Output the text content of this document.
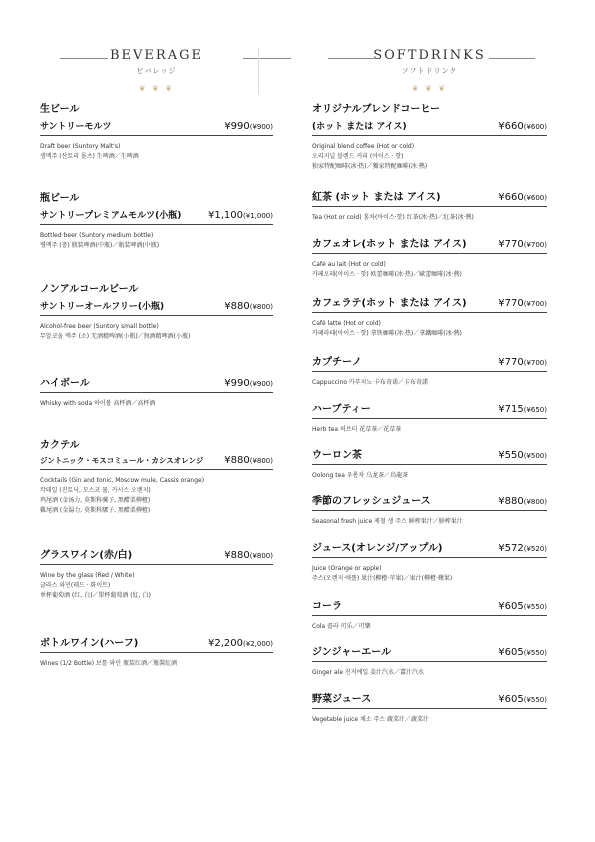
BEVERAGE
ビバレッジ
❦ ❦ ❦
生ビール
サントリーモルツ	¥990(¥900)
Draft beer (Suntory Malt's)
생맥주 (산토리 몰츠) 生啤酒／生啤酒
瓶ビール
サントリープレミアムモルツ(小瓶)	¥1,100(¥1,000)
Bottled beer (Suntory medium bottle)
병맥주 (중) 瓶装啤酒(中瓶)／瓶装啤酒(中瓶)
ノンアルコールビール
サントリーオールフリー(小瓶)	¥880(¥800)
Alcohol-free beer (Suntory small bottle)
무알코올 맥주 (소) 无酒精啤酒(小瓶)／無酒精啤酒(小瓶)
ハイボール	¥990(¥900)
Whisky with soda 하이볼 高杯酒／高杯酒
カクテル
ジントニック・モスコミュール・カシスオレンジ ¥880(¥800)
Cocktails (Gin and tonic, Moscow mule, Cassis orange)
칵테일 (진토닉, 모스코 뮬, 카시스 오렌지)
鸡尾酒 (金汤力, 莫斯科骡子, 黑醋栗柳橙)
雞尾酒 (金湯力, 莫斯科騾子, 黑醋栗柳橙)
グラスワイン(赤/白)	¥880(¥800)
Wine by the glass (Red / White)
글라스 와인(레드 · 화이트)
单杯葡萄酒 (红, 白)／單杯葡萄酒 (紅, 白)
ボトルワイン(ハーフ)	¥2,200(¥2,000)
Wines (1/2 Bottle) 보틀 와인 瓶装红酒／瓶裝紅酒
SOFTDRINKS
ソフトドリンク
❦ ❦ ❦
オリジナルブレンドコーヒー
(ホット または アイス)	¥660(¥600)
Original blend coffee (Hot or cold)
오리지널 블렌드 커피 (아이스 · 핫)
独家特配咖啡(冰·热)／獨家特配咖啡(冰·熱)
紅茶 (ホット または アイス)	¥660(¥600)
Tea (Hot or cold) 홍차(아이스·핫) 红茶(冰·热)／紅茶(冰·熱)
カフェオレ(ホット または アイス)	¥770(¥700)
Café au lait (Hot or cold)
카페오레(아이스 · 핫) 欧蕾咖啡(冰·热)／歐蕾咖啡(冰·熱)
カフェラテ(ホット または アイス)	¥770(¥700)
Café latte (Hot or cold)
카페라테(아이스 · 핫) 拿铁咖啡(冰·热)／拿鐵咖啡(冰·熱)
カプチーノ	¥770(¥700)
Cappuccino 카푸치노 卡布奇诺／卡布奇諾
ハーブティー	¥715(¥650)
Herb tea 허브티 花草茶／花草茶
ウーロン茶	¥550(¥500)
Oolong tea 우롱차 乌龙茶／烏龍茶
季節のフレッシュジュース	¥880(¥800)
Seasonal fresh juice 제철 생 주스 鲜榨果汁／鮮榨果汁
ジュース(オレンジ/アップル)	¥572(¥520)
Juice (Orange or apple)
주스(오렌지·애플) 果汁(柳橙·苹果)／果汁(柳橙·蘋果)
コーラ	¥605(¥550)
Cola 콜라 可乐／可樂
ジンジャーエール	¥605(¥550)
Ginger ale 진저에일 姜汁汽水／薑汁汽水
野菜ジュース	¥605(¥550)
Vegetable juice 채소 주스 蔬菜汁／蔬菜汁
